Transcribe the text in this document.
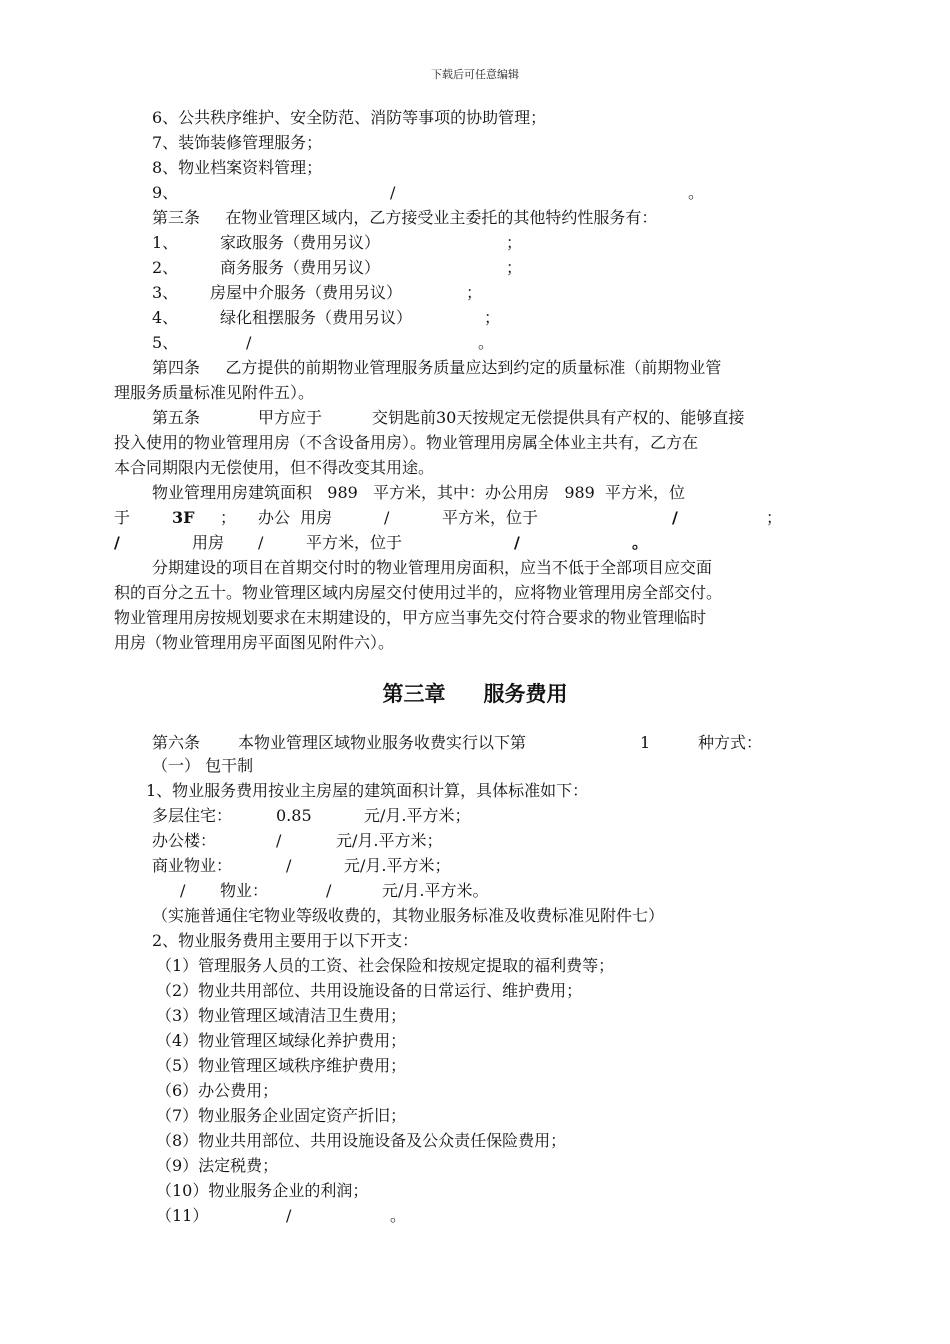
下载后可任意编辑
6、公共秩序维护、安全防范、消防等事项的协助管理；
7、装饰装修管理服务；
8、物业档案资料管理；
9、	/	。
第三条     在物业管理区域内，乙方接受业主委托的其他特约性服务有：
1、	家政服务（费用另议）	；
2、	商务服务（费用另议）	；
3、 房屋中介服务（费用另议）	；
4、	绿化租摆服务（费用另议）	；
5、	/	。
第四条     乙方提供的前期物业管理服务质量应达到约定的质量标准（前期物业管
理服务质量标准见附件五）。
第五条	甲方应于	交钥匙前30天按规定无偿提供具有产权的、能够直接
投入使用的物业管理用房（不含设备用房）。物业管理用房属全体业主共有，乙方在
本合同期限内无偿使用，但不得改变其用途。
物业管理用房建筑面积   989   平方米，其中：办公用房   989  平方米，位
于	3F ； 办公  用房	/	平方米，位于	/	；
/	用房 /	平方米，位于	/	。
分期建设的项目在首期交付时的物业管理用房面积，应当不低于全部项目应交面
积的百分之五十。物业管理区域内房屋交付使用过半的，应将物业管理用房全部交付。
物业管理用房按规划要求在末期建设的，甲方应当事先交付符合要求的物业管理临时
用房（物业管理用房平面图见附件六）。
第三章 服务费用
第六条 本物业管理区域物业服务收费实行以下第	1	种方式：
（一） 包干制
1、物业服务费用按业主房屋的建筑面积计算，具体标准如下：
多层住宅：	0.85	元/月.平方米；
办公楼：	/	元/月.平方米；
商业物业：	/	元/月.平方米；
/ 物业：	/	元/月.平方米。
（实施普通住宅物业等级收费的，其物业服务标准及收费标准见附件七）
2、物业服务费用主要用于以下开支：
（1）管理服务人员的工资、社会保险和按规定提取的福利费等；
（2）物业共用部位、共用设施设备的日常运行、维护费用；
（3）物业管理区域清洁卫生费用；
（4）物业管理区域绿化养护费用；
（5）物业管理区域秩序维护费用；
（6）办公费用；
（7）物业服务企业固定资产折旧；
（8）物业共用部位、共用设施设备及公众责任保险费用；
（9）法定税费；
（10）物业服务企业的利润；
（11）	/	。
